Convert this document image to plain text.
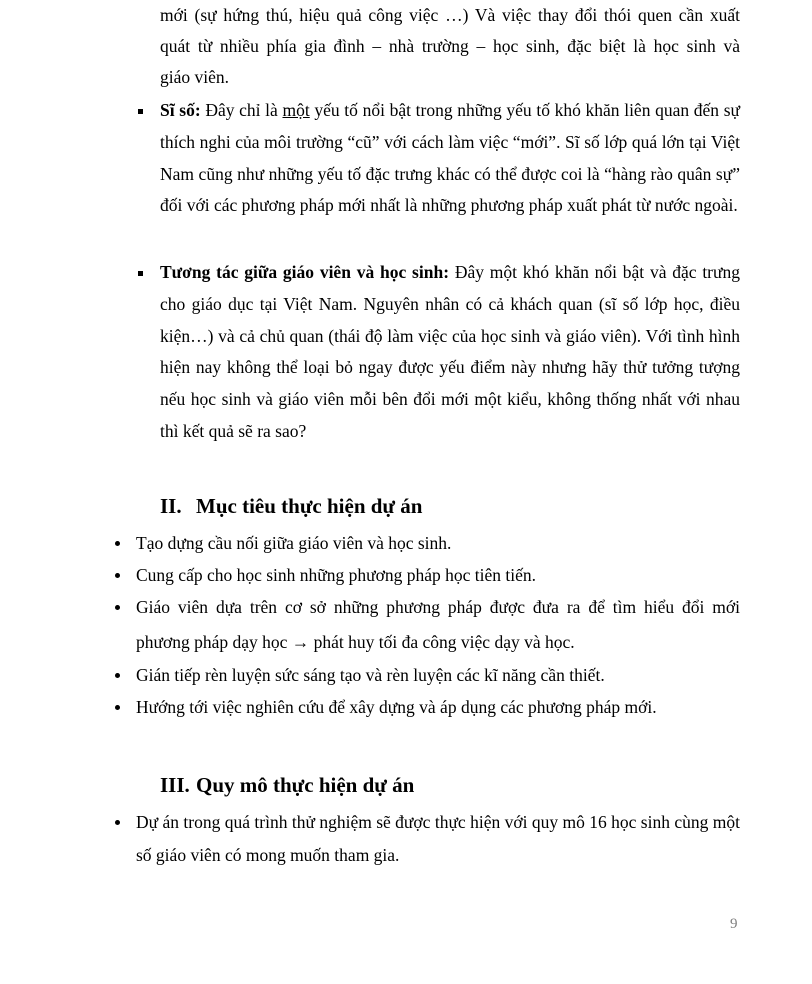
mới (sự hứng thú, hiệu quả công việc …) Và việc thay đổi thói quen cần xuất

quát từ nhiều phía gia đình – nhà trường – học sinh, đặc biệt là học sinh và

giáo viên.

Sĩ số: Đây chỉ là một yếu tố nổi bật trong những yếu tố khó khăn liên quan đến sự thích nghi của môi trường “cũ” với cách làm việc “mới”. Sĩ số lớp quá lớn tại Việt Nam cũng như những yếu tố đặc trưng khác có thể được coi là “hàng rào quân sự” đối với các phương pháp mới nhất là những phương pháp xuất phát từ nước ngoài.

Tương tác giữa giáo viên và học sinh: Đây một khó khăn nổi bật và đặc trưng cho giáo dục tại Việt Nam. Nguyên nhân có cả khách quan (sĩ số lớp học, điều kiện…) và cả chủ quan (thái độ làm việc của học sinh và giáo viên). Với tình hình hiện nay không thể loại bỏ ngay được yếu điểm này nhưng hãy thử tưởng tượng nếu học sinh và giáo viên mỗi bên đổi mới một kiểu, không thống nhất với nhau thì kết quả sẽ ra sao?

II. Mục tiêu thực hiện dự án

Tạo dựng cầu nối giữa giáo viên và học sinh.

Cung cấp cho học sinh những phương pháp học tiên tiến.

Giáo viên dựa trên cơ sở những phương pháp được đưa ra để tìm hiểu đổi mới

phương pháp dạy học → phát huy tối đa công việc dạy và học.

Gián tiếp rèn luyện sức sáng tạo và rèn luyện các kĩ năng cần thiết.

Hướng tới việc nghiên cứu để xây dựng và áp dụng các phương pháp mới.

III. Quy mô thực hiện dự án

Dự án trong quá trình thử nghiệm sẽ được thực hiện với quy mô 16 học sinh cùng một số giáo viên có mong muốn tham gia.

9
